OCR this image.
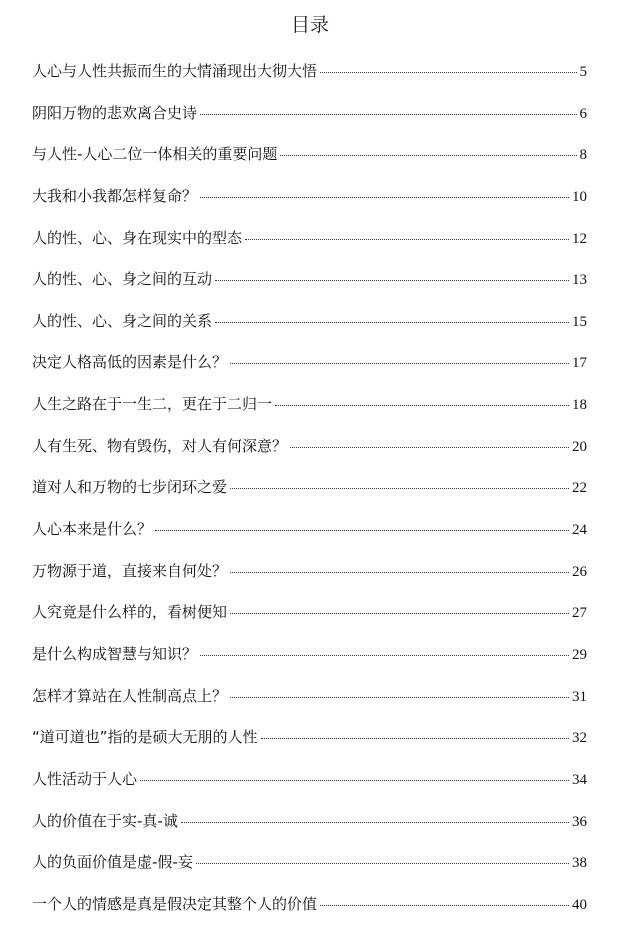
目录
人心与人性共振而生的大情涌现出大彻大悟	5
阴阳万物的悲欢离合史诗	6
与人性-人心二位一体相关的重要问题	8
大我和小我都怎样复命？	10
人的性、心、身在现实中的型态	12
人的性、心、身之间的互动	13
人的性、心、身之间的关系	15
决定人格高低的因素是什么？	17
人生之路在于一生二，更在于二归一	18
人有生死、物有毁伤，对人有何深意？	20
道对人和万物的七步闭环之爱	22
人心本来是什么？	24
万物源于道，直接来自何处？	26
人究竟是什么样的，看树便知	27
是什么构成智慧与知识？	29
怎样才算站在人性制高点上？	31
“道可道也”指的是硕大无朋的人性	32
人性活动于人心	34
人的价值在于实-真-诚	36
人的负面价值是虚-假-妄	38
一个人的情感是真是假决定其整个人的价值	40
